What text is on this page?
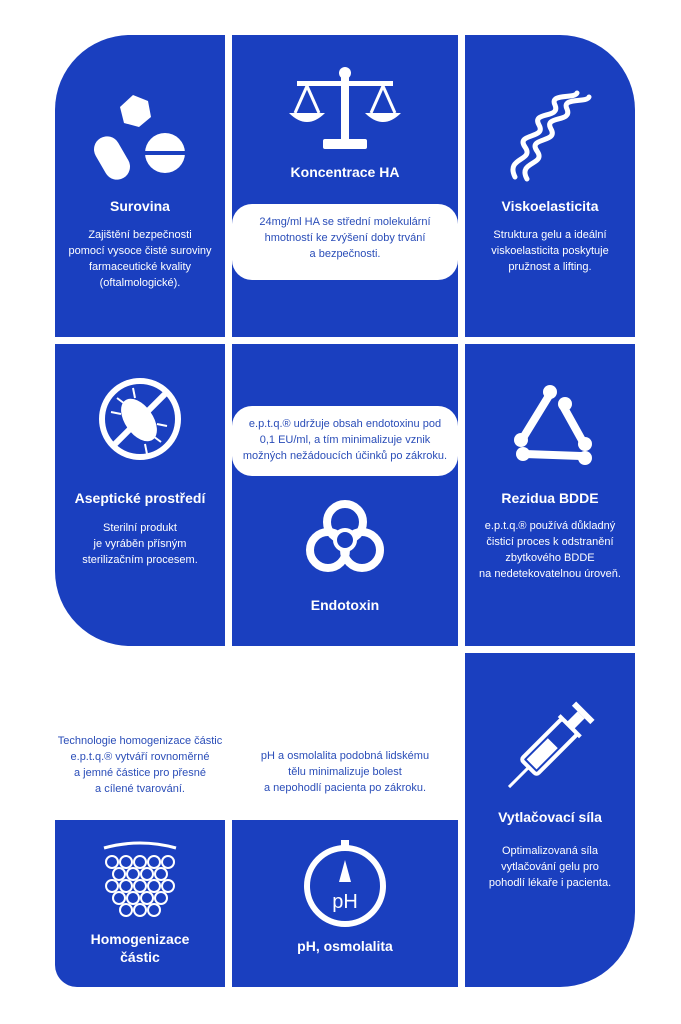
Surovina
Zajištění bezpečnosti
pomocí vysoce čisté suroviny
farmaceutické kvality
(oftalmologické).
Koncentrace HA
Viskoelasticita
Struktura gelu a ideální
viskoelasticita poskytuje
pružnost a lifting.
Aseptické prostředí
Sterilní produkt
je vyráběn přísným
sterilizačním procesem.
Endotoxin
Rezidua BDDE
e.p.t.q.® používá důkladný
čisticí proces k odstranění
zbytkového BDDE
na nedetekovatelnou úroveň.
Vytlačovací síla
Optimalizovaná síla
vytlačování gelu pro
pohodlí lékaře i pacienta.
Homogenizace
částic
pH
pH, osmolalita
24mg/ml HA se střední molekulární
hmotností ke zvýšení doby trvání
a bezpečnosti.
e.p.t.q.® udržuje obsah endotoxinu pod
0,1 EU/ml, a tím minimalizuje vznik
možných nežádoucích účinků po zákroku.
Technologie homogenizace částic
e.p.t.q.® vytváří rovnoměrné
a jemné částice pro přesné
a cílené tvarování.
pH a osmolalita podobná lidskému
tělu minimalizuje bolest
a nepohodlí pacienta po zákroku.
